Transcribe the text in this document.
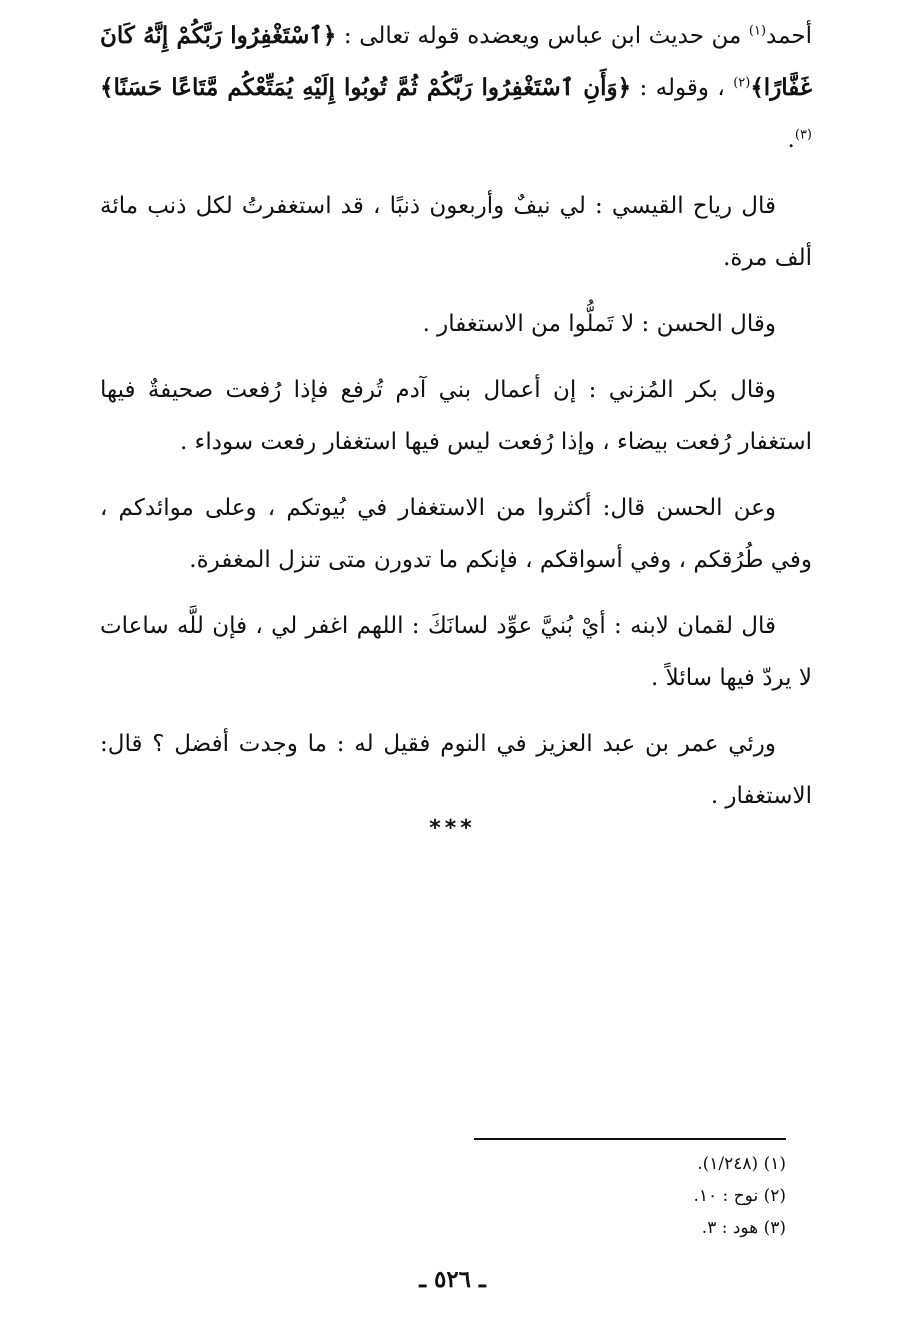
أحمد$^{(١)}$ من حديث ابن عباس ويعضده قوله تعالى : ﴿ٱسْتَغْفِرُوا رَبَّكُمْ إِنَّهُ كَانَ غَفَّارًا﴾$^{(٢)}$ ، وقوله : ﴿وَأَنِ ٱسْتَغْفِرُوا رَبَّكُمْ ثُمَّ تُوبُوا إِلَيْهِ يُمَتِّعْكُم مَّتَاعًا حَسَنًا﴾$^{(٣)}$.

قال رياح القيسي : لي نيفٌ وأربعون ذنبًا ، قد استغفرتُ لكل ذنب مائة ألف مرة.

وقال الحسن : لا تَملُّوا من الاستغفار .

وقال بكر المُزني : إن أعمال بني آدم تُرفع فإذا رُفعت صحيفةٌ فيها استغفار رُفعت بيضاء ، وإذا رُفعت ليس فيها استغفار رفعت سوداء .

وعن الحسن قال: أكثروا من الاستغفار في بُيوتكم ، وعلى موائدكم ، وفي طُرُقكم ، وفي أسواقكم ، فإنكم ما تدورن متى تنزل المغفرة.

قال لقمان لابنه : أيْ بُنيَّ عوِّد لسانَكَ : اللهم اغفر لي ، فإن للَّه ساعات لا يردّ فيها سائلاً .

ورئي عمر بن عبد العزيز في النوم فقيل له : ما وجدت أفضل ؟ قال: الاستغفار .

***
(١) (١/٢٤٨).
(٢) نوح : ١٠.
(٣) هود : ٣.
ـ ٥٢٦ ـ
